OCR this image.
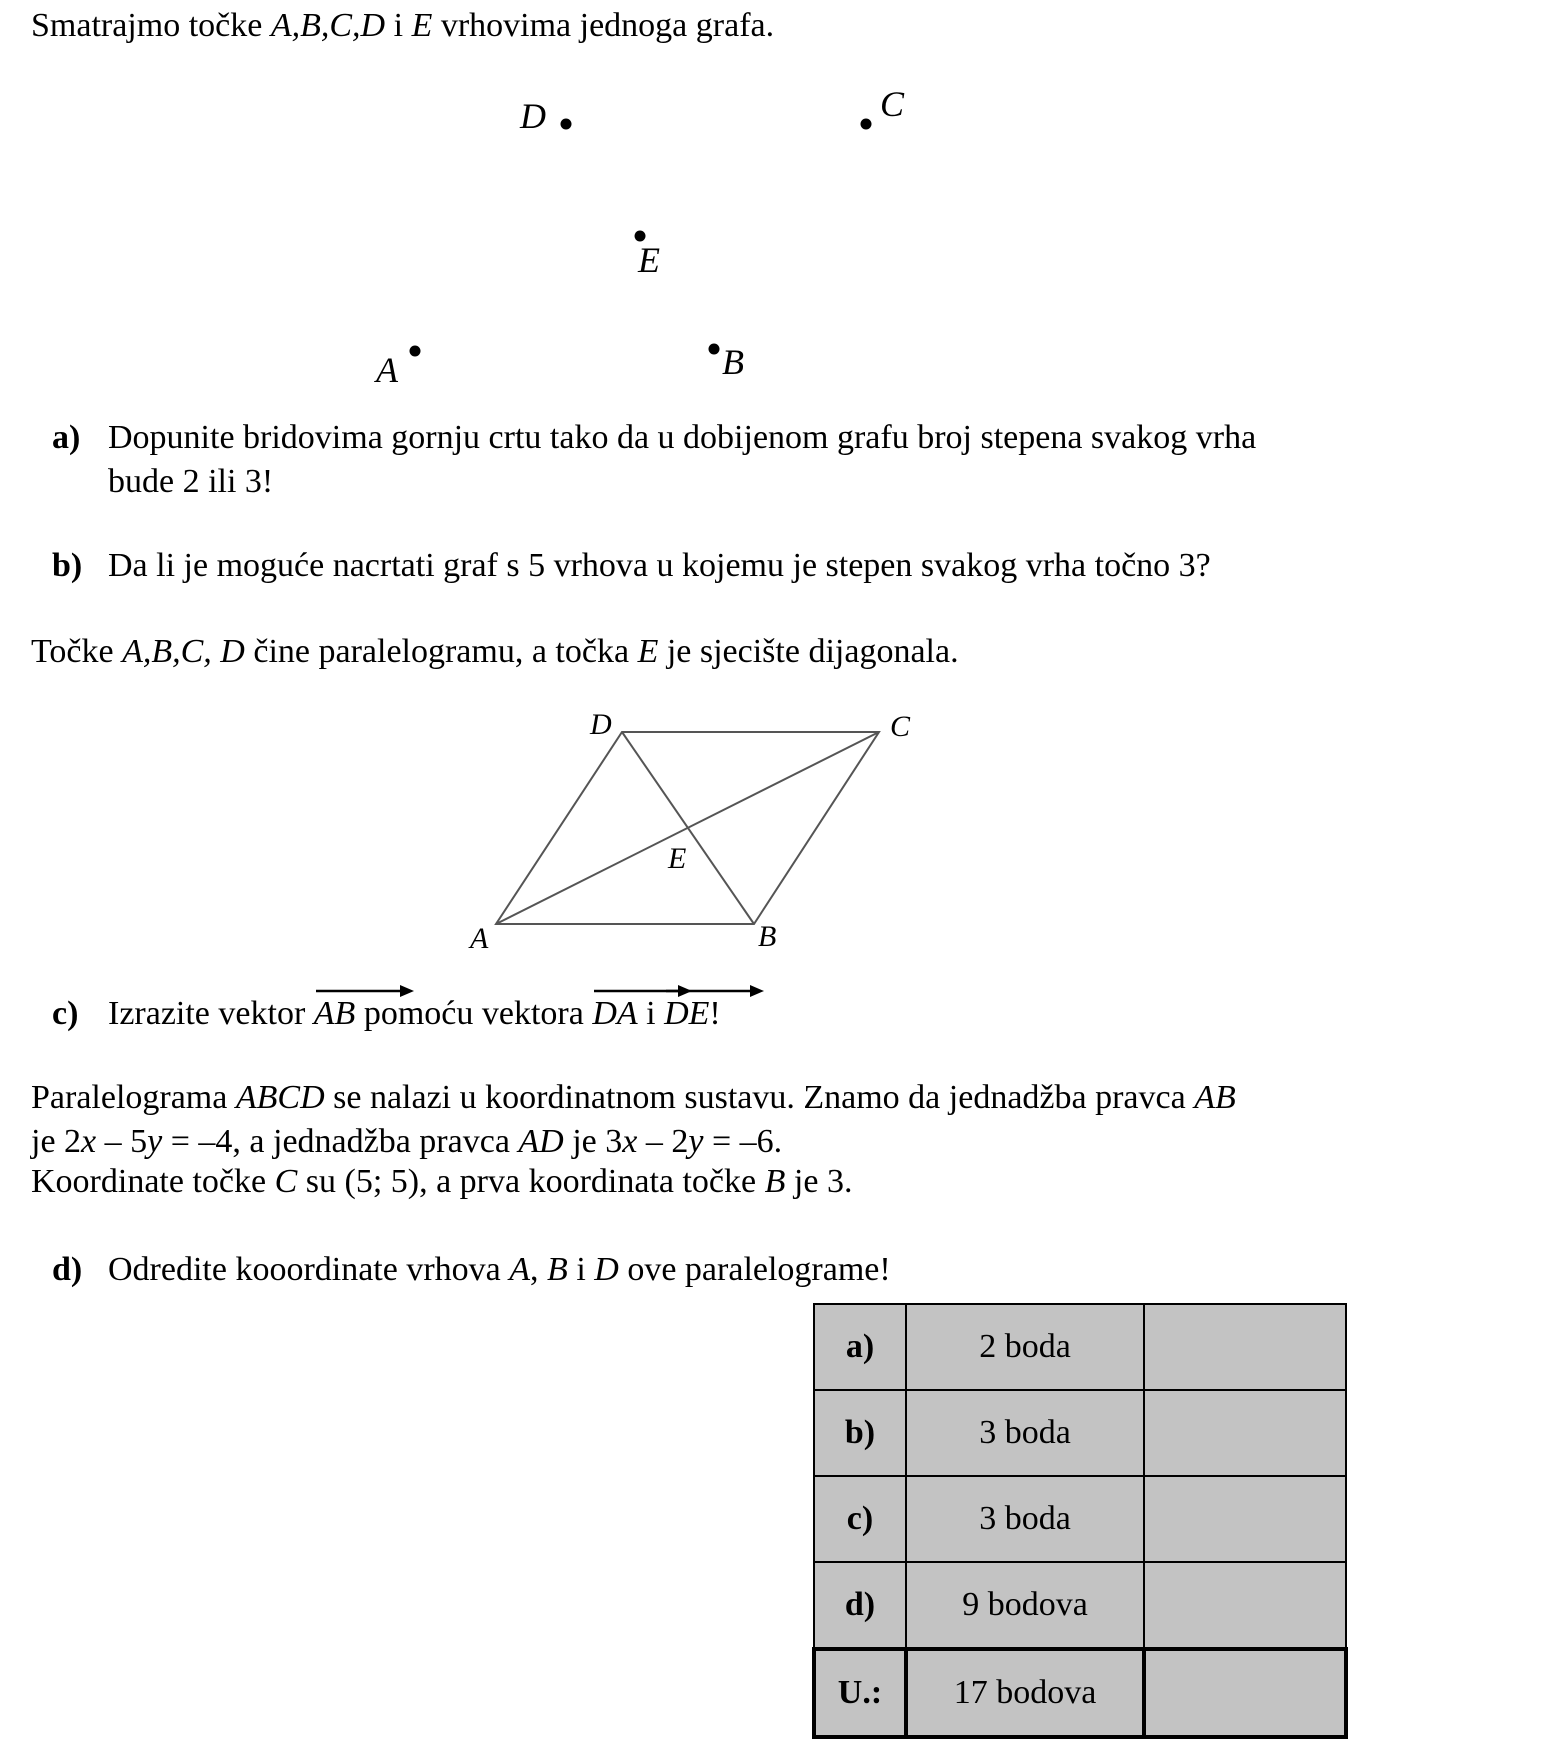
Smatrajmo točke A,B,C,D i E vrhovima jednoga grafa.
D	C
E
A	B
a) Dopunite bridovima gornju crtu tako da u dobijenom grafu broj stepena svakog vrha
bude 2 ili 3!
b) Da li je moguće nacrtati graf s 5 vrhova u kojemu je stepen svakog vrha točno 3?
Točke A,B,C, D čine paralelogramu, a točka E je sjecište dijagonala.
D	C
E
A	B
c) Izrazite vektor
AB pomoću vektora
DA i
DE!
Paralelograma ABCD se nalazi u koordinatnom sustavu. Znamo da jednadžba pravca AB
je 2x – 5y = –4, a jednadžba pravca AD je 3x – 2y = –6.
Koordinate točke C su (5; 5), a prva koordinata točke B je 3.
d) Odredite kooordinate vrhova A, B i D ove paralelograme!
a)	2 boda	
b)	3 boda	
c)	3 boda	
d)	9 bodova	
U.:	17 bodova	
